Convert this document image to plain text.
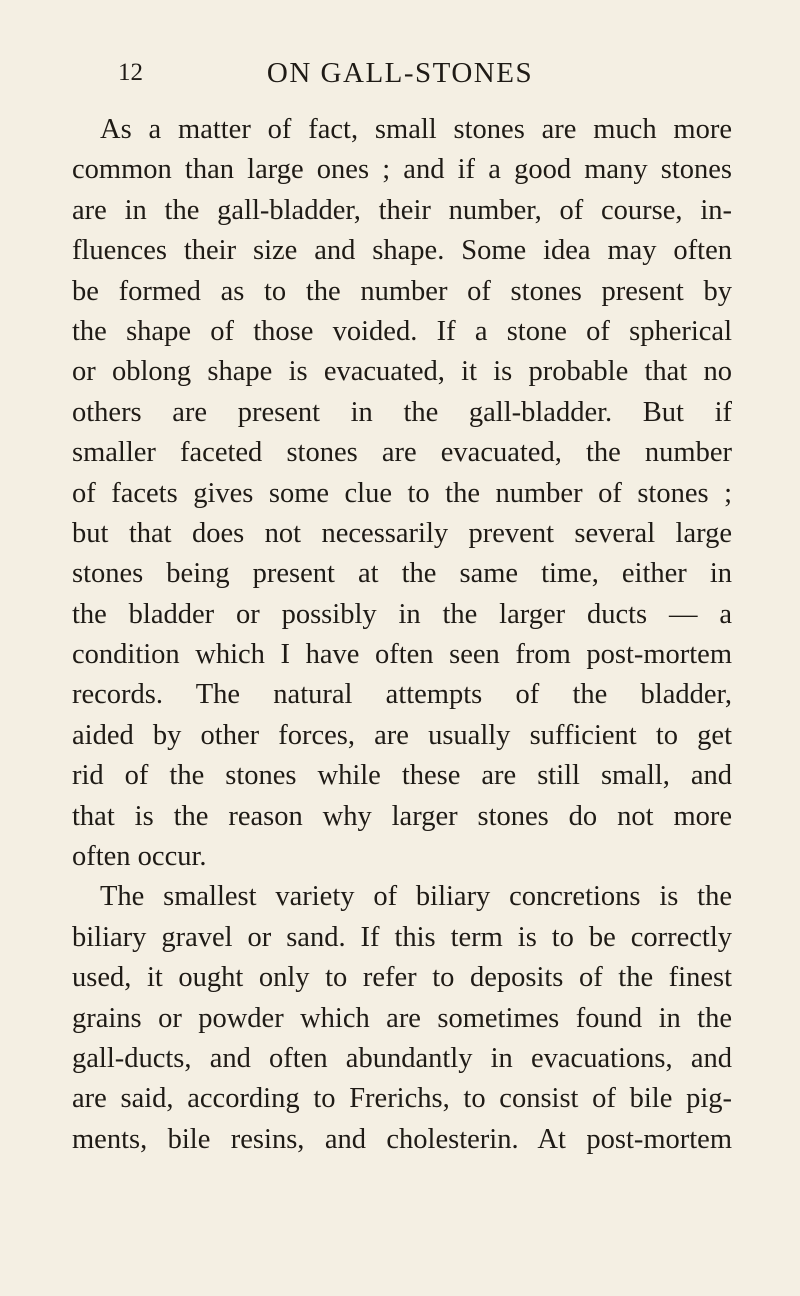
12	ON GALL-STONES
As a matter of fact, small stones are much more
common than large ones ; and if a good many stones
are in the gall-bladder, their number, of course, in-
fluences their size and shape. Some idea may often
be formed as to the number of stones present by
the shape of those voided. If a stone of spherical
or oblong shape is evacuated, it is probable that no
others are present in the gall-bladder. But if
smaller faceted stones are evacuated, the number
of facets gives some clue to the number of stones ;
but that does not necessarily prevent several large
stones being present at the same time, either in
the bladder or possibly in the larger ducts — a
condition which I have often seen from post-mortem
records. The natural attempts of the bladder,
aided by other forces, are usually sufficient to get
rid of the stones while these are still small, and
that is the reason why larger stones do not more
often occur.
The smallest variety of biliary concretions is the
biliary gravel or sand. If this term is to be correctly
used, it ought only to refer to deposits of the finest
grains or powder which are sometimes found in the
gall-ducts, and often abundantly in evacuations, and
are said, according to Frerichs, to consist of bile pig-
ments, bile resins, and cholesterin. At post-mortem
